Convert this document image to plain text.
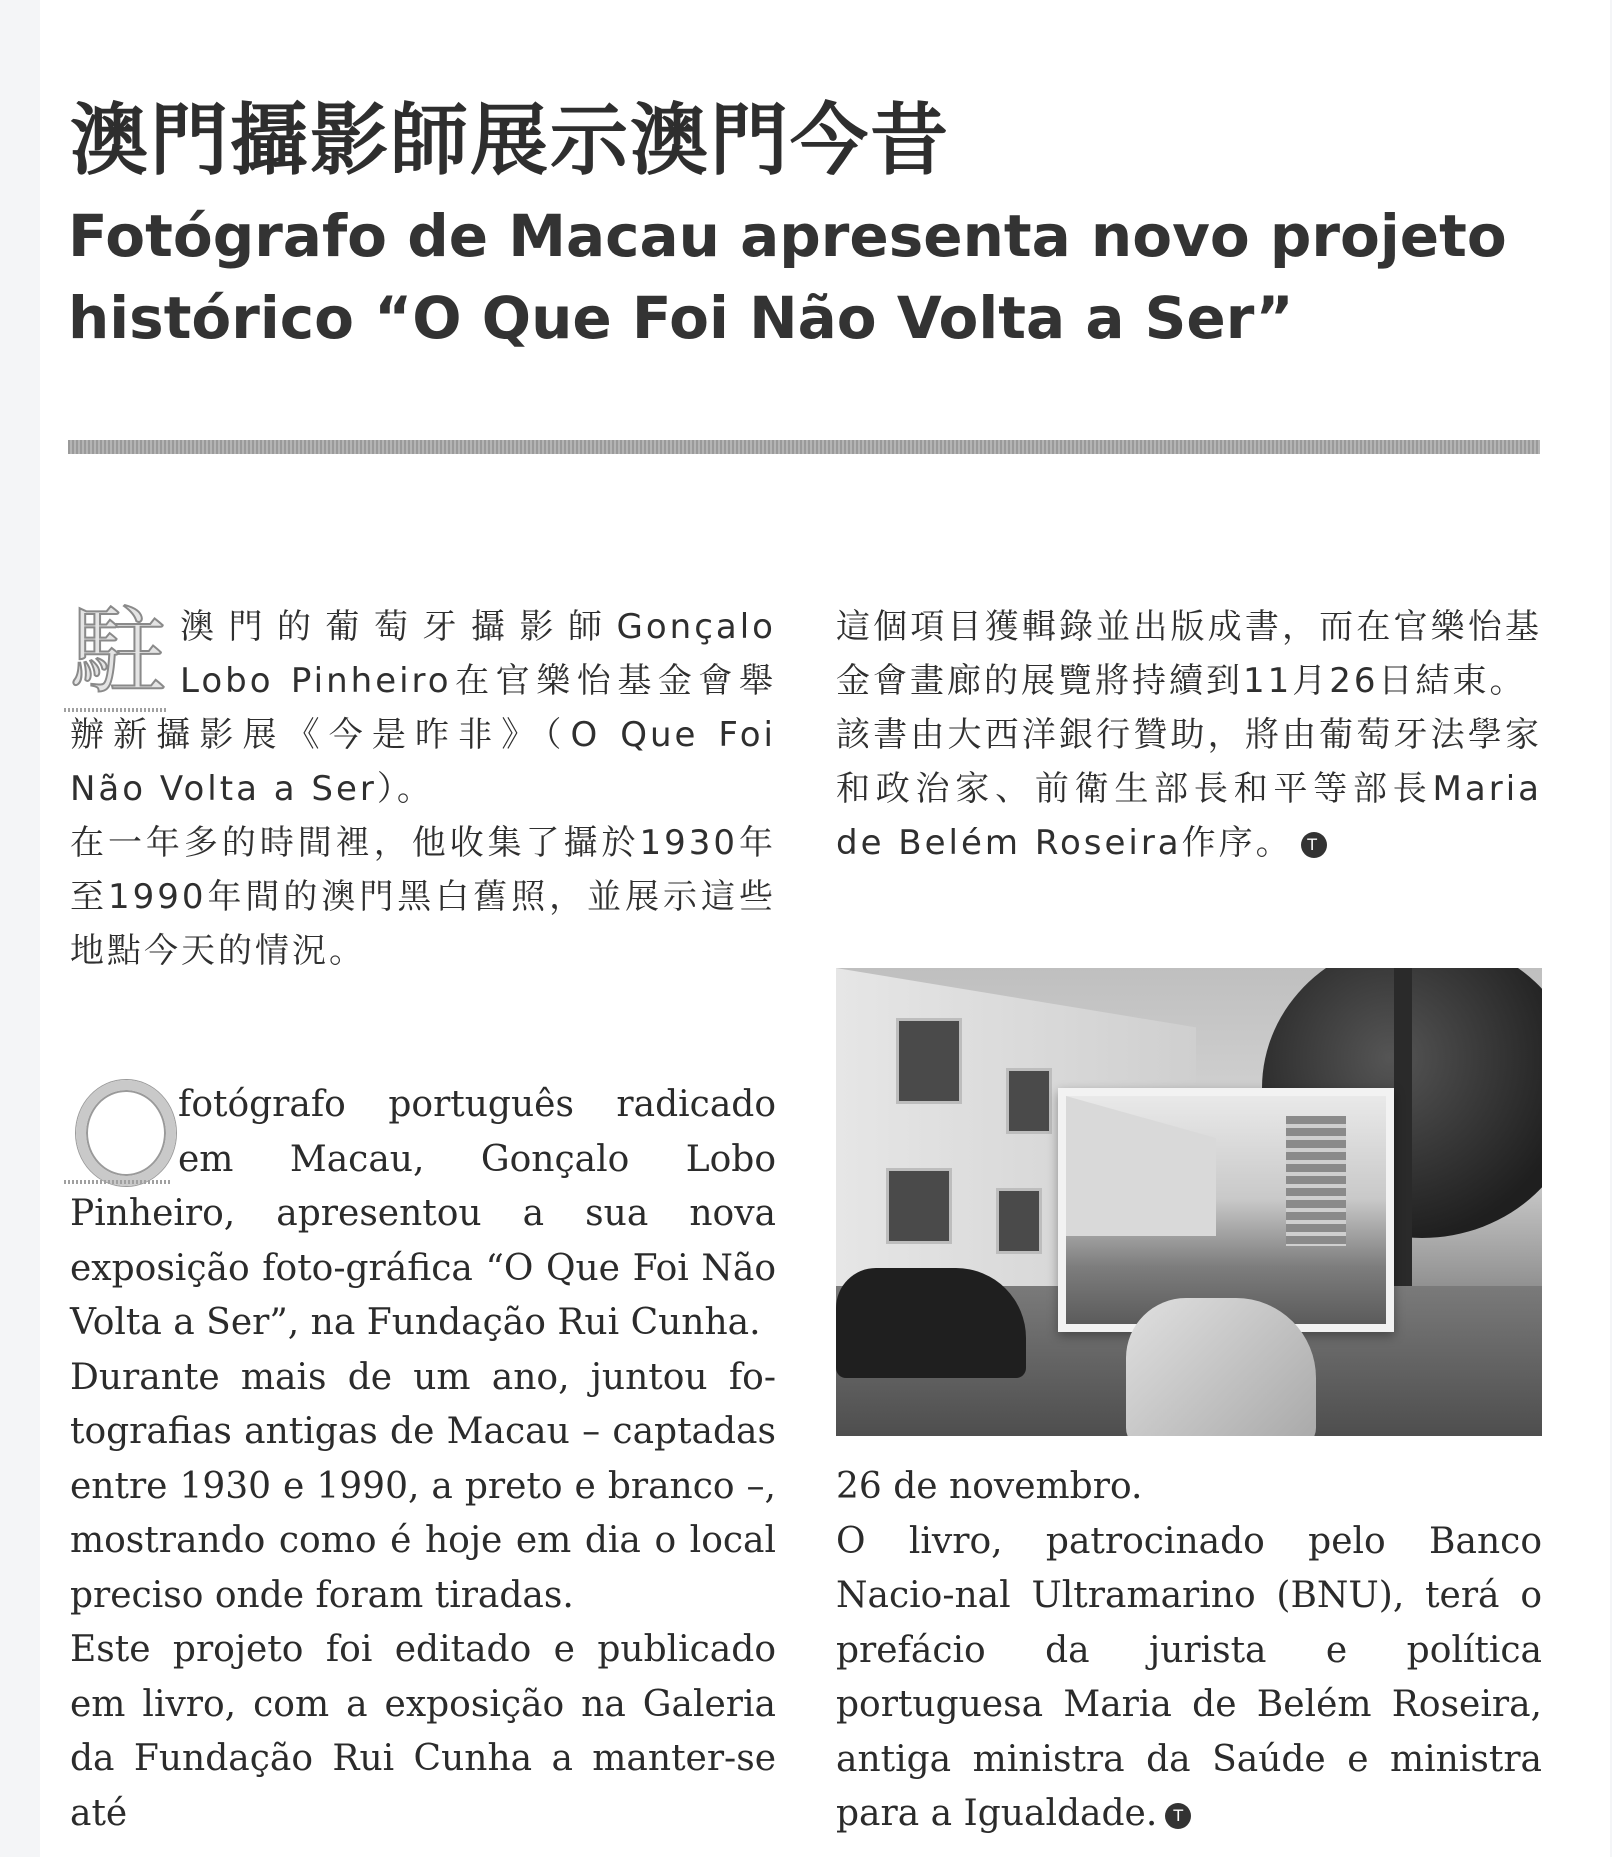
澳門攝影師展示澳門今昔
Fotógrafo de Macau apresenta novo projeto histórico “O Que Foi Não Volta a Ser”
駐 澳門的葡萄牙攝影師Gonçalo Lobo Pinheiro在官樂怡基金會舉辦新攝影展《今是昨非》（O Que Foi Não Volta a Ser）。

在一年多的時間裡，他收集了攝於1930年至1990年間的澳門黑白舊照，並展示這些地點今天的情況。

這個項目獲輯錄並出版成書，而在官樂怡基金會畫廊的展覽將持續到11月26日結束。

該書由大西洋銀行贊助，將由葡萄牙法學家和政治家、前衛生部長和平等部長Maria de Belém Roseira作序。 T

fotógrafo português radicado em Macau, Gonçalo Lobo Pinheiro, apresentou a sua nova exposição foto-gráfica “O Que Foi Não Volta a Ser”, na Fundação Rui Cunha.

Durante mais de um ano, juntou fo-tografias antigas de Macau – captadas entre 1930 e 1990, a preto e branco –, mostrando como é hoje em dia o local preciso onde foram tiradas.

Este projeto foi editado e publicado em livro, com a exposição na Galeria da Fundação Rui Cunha a manter-se até

26 de novembro.

O livro, patrocinado pelo Banco Nacio-nal Ultramarino (BNU), terá o prefácio da jurista e política portuguesa Maria de Belém Roseira, antiga ministra da Saúde e ministra para a Igualdade. T
